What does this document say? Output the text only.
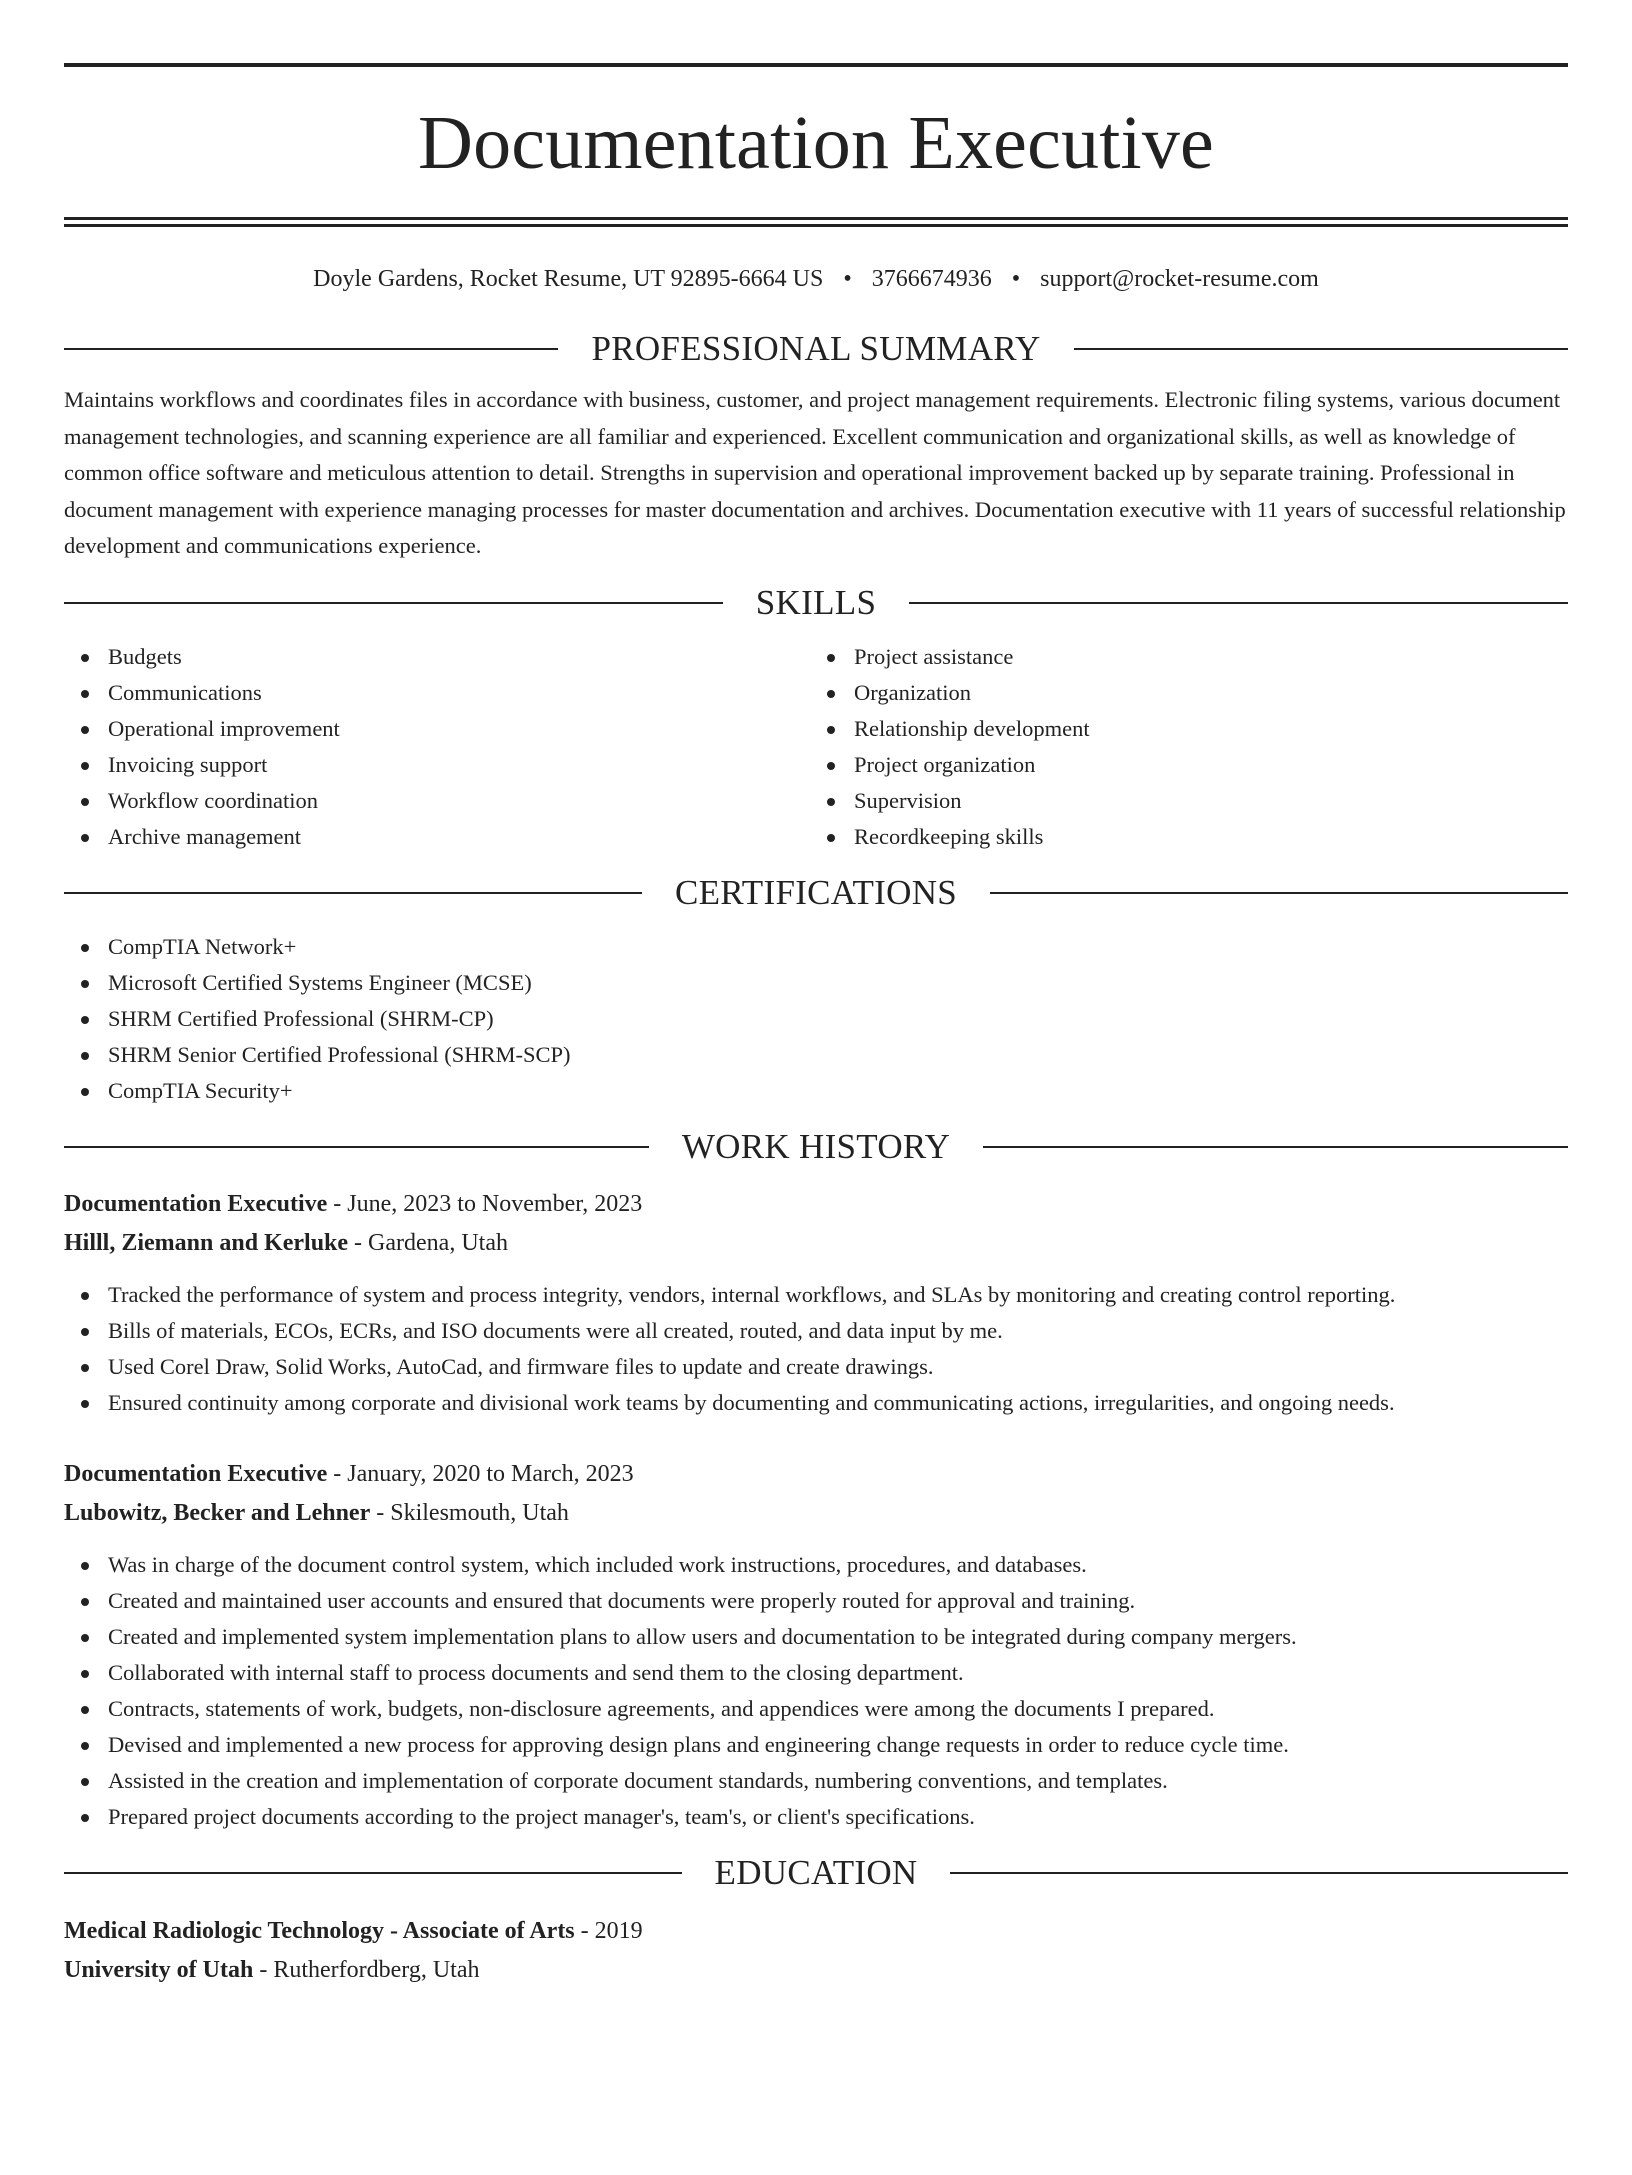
Documentation Executive
Doyle Gardens, Rocket Resume, UT 92895-6664 US • 3766674936 • support@rocket-resume.com
PROFESSIONAL SUMMARY

Maintains workflows and coordinates files in accordance with business, customer, and project management requirements. Electronic filing systems, various document management technologies, and scanning experience are all familiar and experienced. Excellent communication and organizational skills, as well as knowledge of common office software and meticulous attention to detail. Strengths in supervision and operational improvement backed up by separate training. Professional in document management with experience managing processes for master documentation and archives. Documentation executive with 11 years of successful relationship development and communications experience.

SKILLS
Budgets
Communications
Operational improvement
Invoicing support
Workflow coordination
Archive management
Project assistance
Organization
Relationship development
Project organization
Supervision
Recordkeeping skills
CERTIFICATIONS
CompTIA Network+
Microsoft Certified Systems Engineer (MCSE)
SHRM Certified Professional (SHRM-CP)
SHRM Senior Certified Professional (SHRM-SCP)
CompTIA Security+
WORK HISTORY
Documentation Executive - June, 2023 to November, 2023
Hilll, Ziemann and Kerluke - Gardena, Utah
Tracked the performance of system and process integrity, vendors, internal workflows, and SLAs by monitoring and creating control reporting.
Bills of materials, ECOs, ECRs, and ISO documents were all created, routed, and data input by me.
Used Corel Draw, Solid Works, AutoCad, and firmware files to update and create drawings.
Ensured continuity among corporate and divisional work teams by documenting and communicating actions, irregularities, and ongoing needs.
Documentation Executive - January, 2020 to March, 2023
Lubowitz, Becker and Lehner - Skilesmouth, Utah
Was in charge of the document control system, which included work instructions, procedures, and databases.
Created and maintained user accounts and ensured that documents were properly routed for approval and training.
Created and implemented system implementation plans to allow users and documentation to be integrated during company mergers.
Collaborated with internal staff to process documents and send them to the closing department.
Contracts, statements of work, budgets, non-disclosure agreements, and appendices were among the documents I prepared.
Devised and implemented a new process for approving design plans and engineering change requests in order to reduce cycle time.
Assisted in the creation and implementation of corporate document standards, numbering conventions, and templates.
Prepared project documents according to the project manager's, team's, or client's specifications.
EDUCATION
Medical Radiologic Technology - Associate of Arts - 2019
University of Utah - Rutherfordberg, Utah
